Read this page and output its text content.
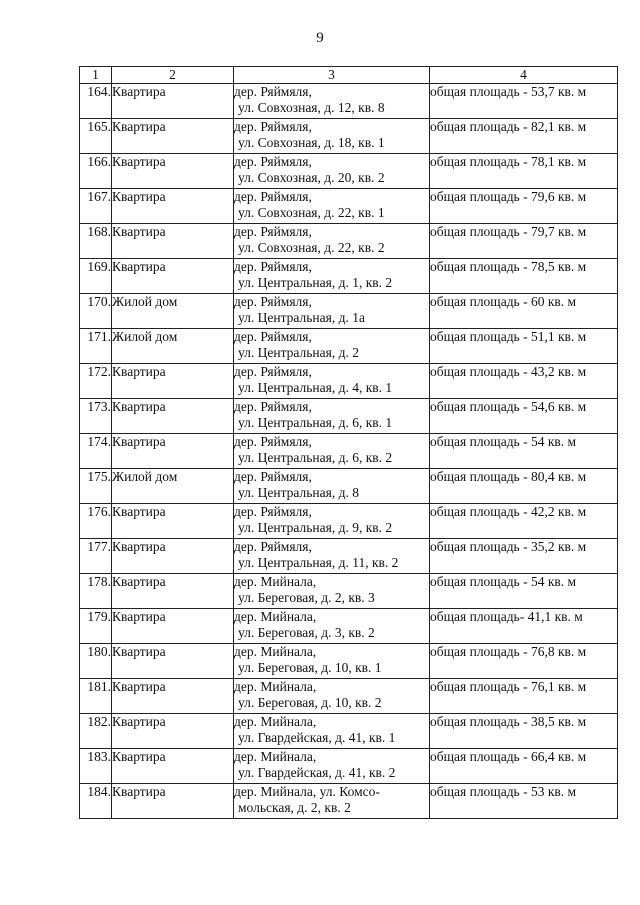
9
1	2	3	4
164.	Квартира	дер. Ряймяля,
ул. Совхозная, д. 12, кв. 8	общая площадь - 53,7 кв. м
165.	Квартира	дер. Ряймяля,
ул. Совхозная, д. 18, кв. 1	общая площадь - 82,1 кв. м
166.	Квартира	дер. Ряймяля,
ул. Совхозная, д. 20, кв. 2	общая площадь - 78,1 кв. м
167.	Квартира	дер. Ряймяля,
ул. Совхозная, д. 22, кв. 1	общая площадь - 79,6 кв. м
168.	Квартира	дер. Ряймяля,
ул. Совхозная, д. 22, кв. 2	общая площадь - 79,7 кв. м
169.	Квартира	дер. Ряймяля,
ул. Центральная, д. 1, кв. 2	общая площадь - 78,5 кв. м
170.	Жилой дом	дер. Ряймяля,
ул. Центральная, д. 1а	общая площадь - 60 кв. м
171.	Жилой дом	дер. Ряймяля,
ул. Центральная, д. 2	общая площадь - 51,1 кв. м
172.	Квартира	дер. Ряймяля,
ул. Центральная, д. 4, кв. 1	общая площадь - 43,2 кв. м
173.	Квартира	дер. Ряймяля,
ул. Центральная, д. 6, кв. 1	общая площадь - 54,6 кв. м
174.	Квартира	дер. Ряймяля,
ул. Центральная, д. 6, кв. 2	общая площадь - 54 кв. м
175.	Жилой дом	дер. Ряймяля,
ул. Центральная, д. 8	общая площадь - 80,4 кв. м
176.	Квартира	дер. Ряймяля,
ул. Центральная, д. 9, кв. 2	общая площадь - 42,2 кв. м
177.	Квартира	дер. Ряймяля,
ул. Центральная, д. 11, кв. 2	общая площадь - 35,2 кв. м
178.	Квартира	дер. Мийнала,
ул. Береговая, д. 2, кв. 3	общая площадь - 54 кв. м
179.	Квартира	дер. Мийнала,
ул. Береговая, д. 3, кв. 2	общая площадь- 41,1 кв. м
180.	Квартира	дер. Мийнала,
ул. Береговая, д. 10, кв. 1	общая площадь - 76,8 кв. м
181.	Квартира	дер. Мийнала,
ул. Береговая, д. 10, кв. 2	общая площадь - 76,1 кв. м
182.	Квартира	дер. Мийнала,
ул. Гвардейская, д. 41, кв. 1	общая площадь - 38,5 кв. м
183.	Квартира	дер. Мийнала,
ул. Гвардейская, д. 41, кв. 2	общая площадь - 66,4 кв. м
184.	Квартира	дер. Мийнала, ул. Комсо-
мольская, д. 2, кв. 2	общая площадь - 53 кв. м
